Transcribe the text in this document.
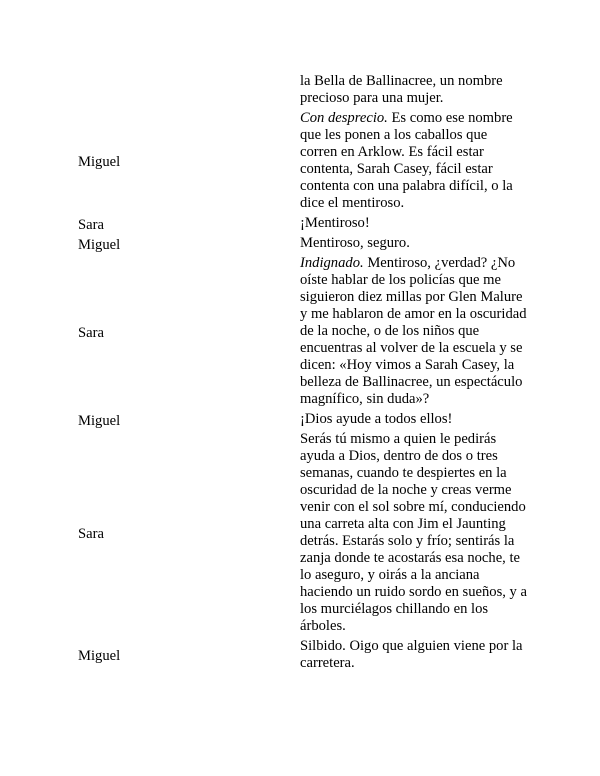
	la Bella de Ballinacree, un nombre precioso para una mujer.

Miguel	Con desprecio. Es como ese nombre que les ponen a los caballos que corren en Arklow. Es fácil estar contenta, Sarah Casey, fácil estar contenta con una palabra difícil, o la dice el mentiroso.

Sara	¡Mentiroso!

Miguel	Mentiroso, seguro.

Sara	Indignado. Mentiroso, ¿verdad? ¿No oíste hablar de los policías que me siguieron diez millas por Glen Malure y me hablaron de amor en la oscuridad de la noche, o de los niños que encuentras al volver de la escuela y se dicen: «Hoy vimos a Sarah Casey, la belleza de Ballinacree, un espectáculo magnífico, sin duda»?

Miguel	¡Dios ayude a todos ellos!

Sara	Serás tú mismo a quien le pedirás ayuda a Dios, dentro de dos o tres semanas, cuando te despiertes en la oscuridad de la noche y creas verme venir con el sol sobre mí, conduciendo una carreta alta con Jim el Jaunting detrás. Estarás solo y frío; sentirás la zanja donde te acostarás esa noche, te lo aseguro, y oirás a la anciana haciendo un ruido sordo en sueños, y a los murciélagos chillando en los árboles.

Miguel	Silbido. Oigo que alguien viene por la carretera.
